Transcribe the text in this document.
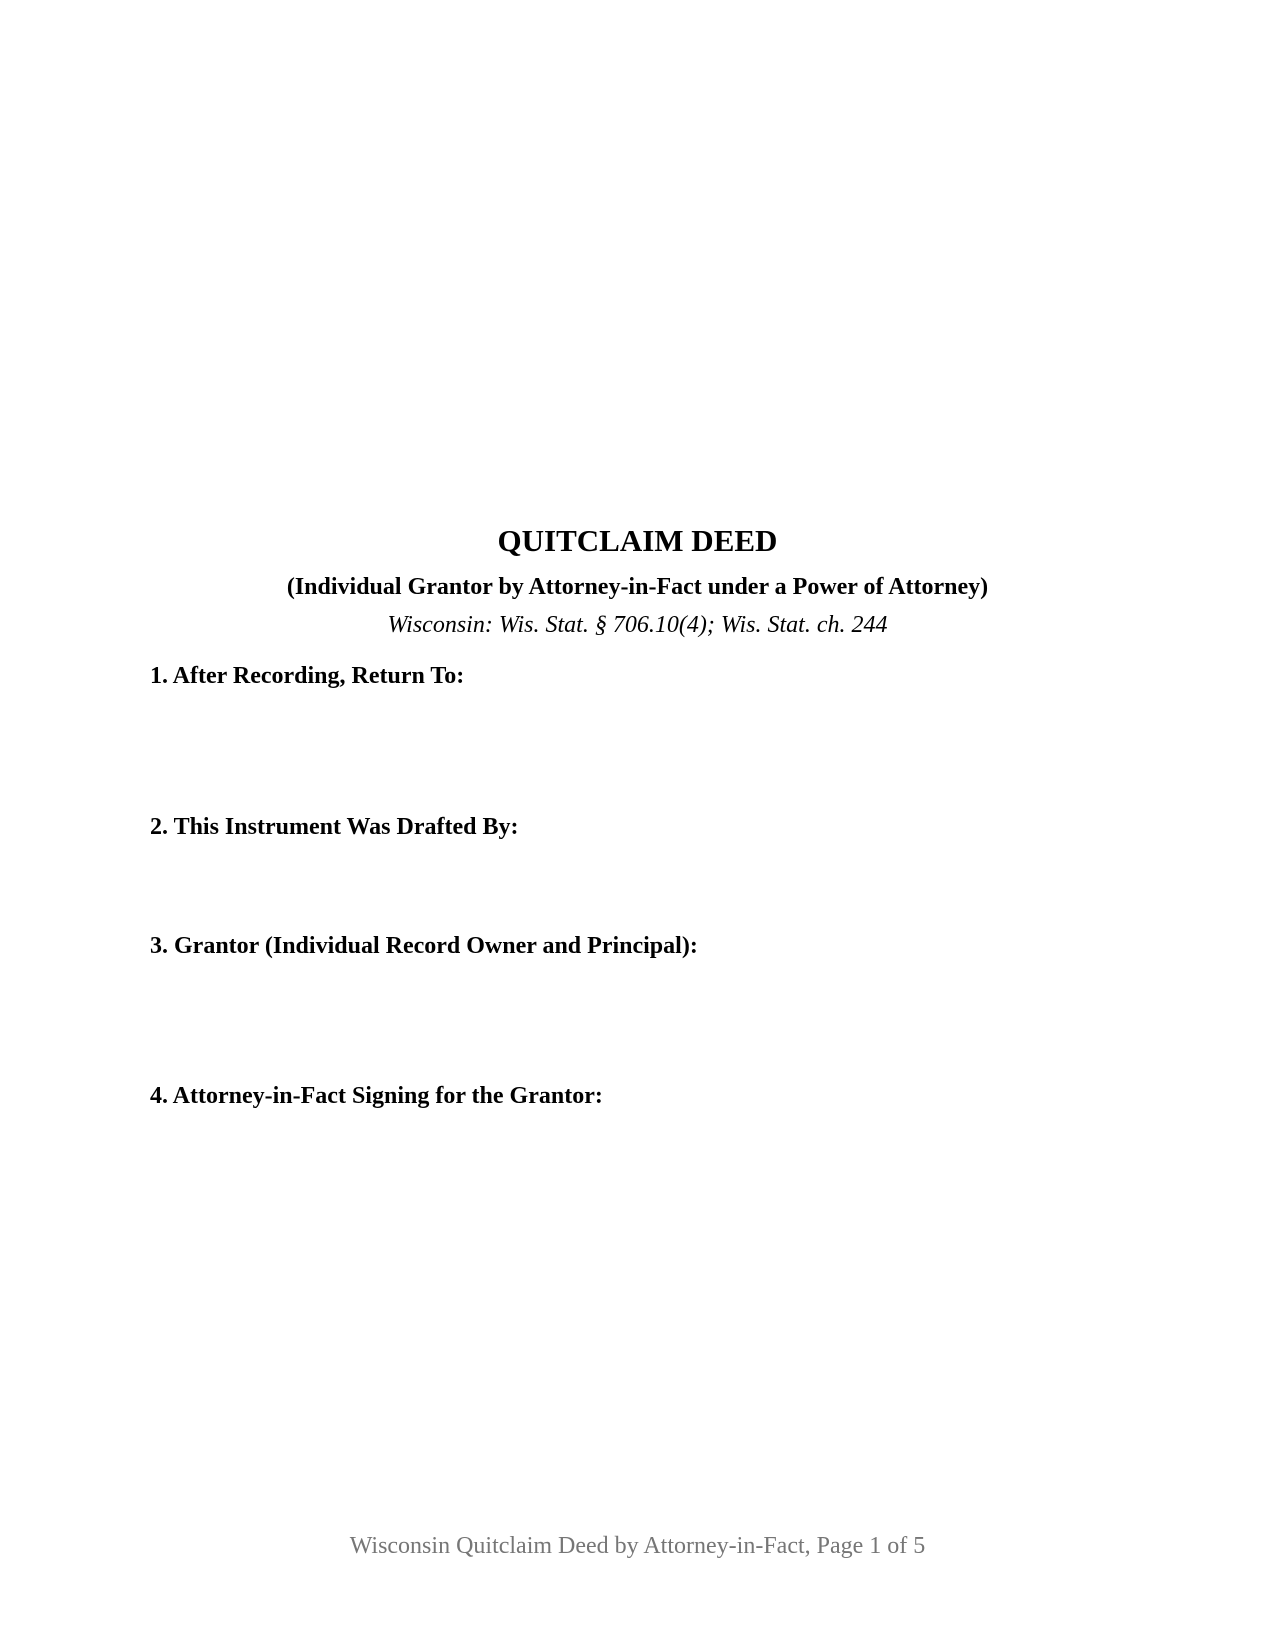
QUITCLAIM DEED
(Individual Grantor by Attorney-in-Fact under a Power of Attorney)
Wisconsin: Wis. Stat. § 706.10(4); Wis. Stat. ch. 244
1. After Recording, Return To:
2. This Instrument Was Drafted By:
3. Grantor (Individual Record Owner and Principal):
4. Attorney-in-Fact Signing for the Grantor:
Wisconsin Quitclaim Deed by Attorney-in-Fact, Page 1 of 5
